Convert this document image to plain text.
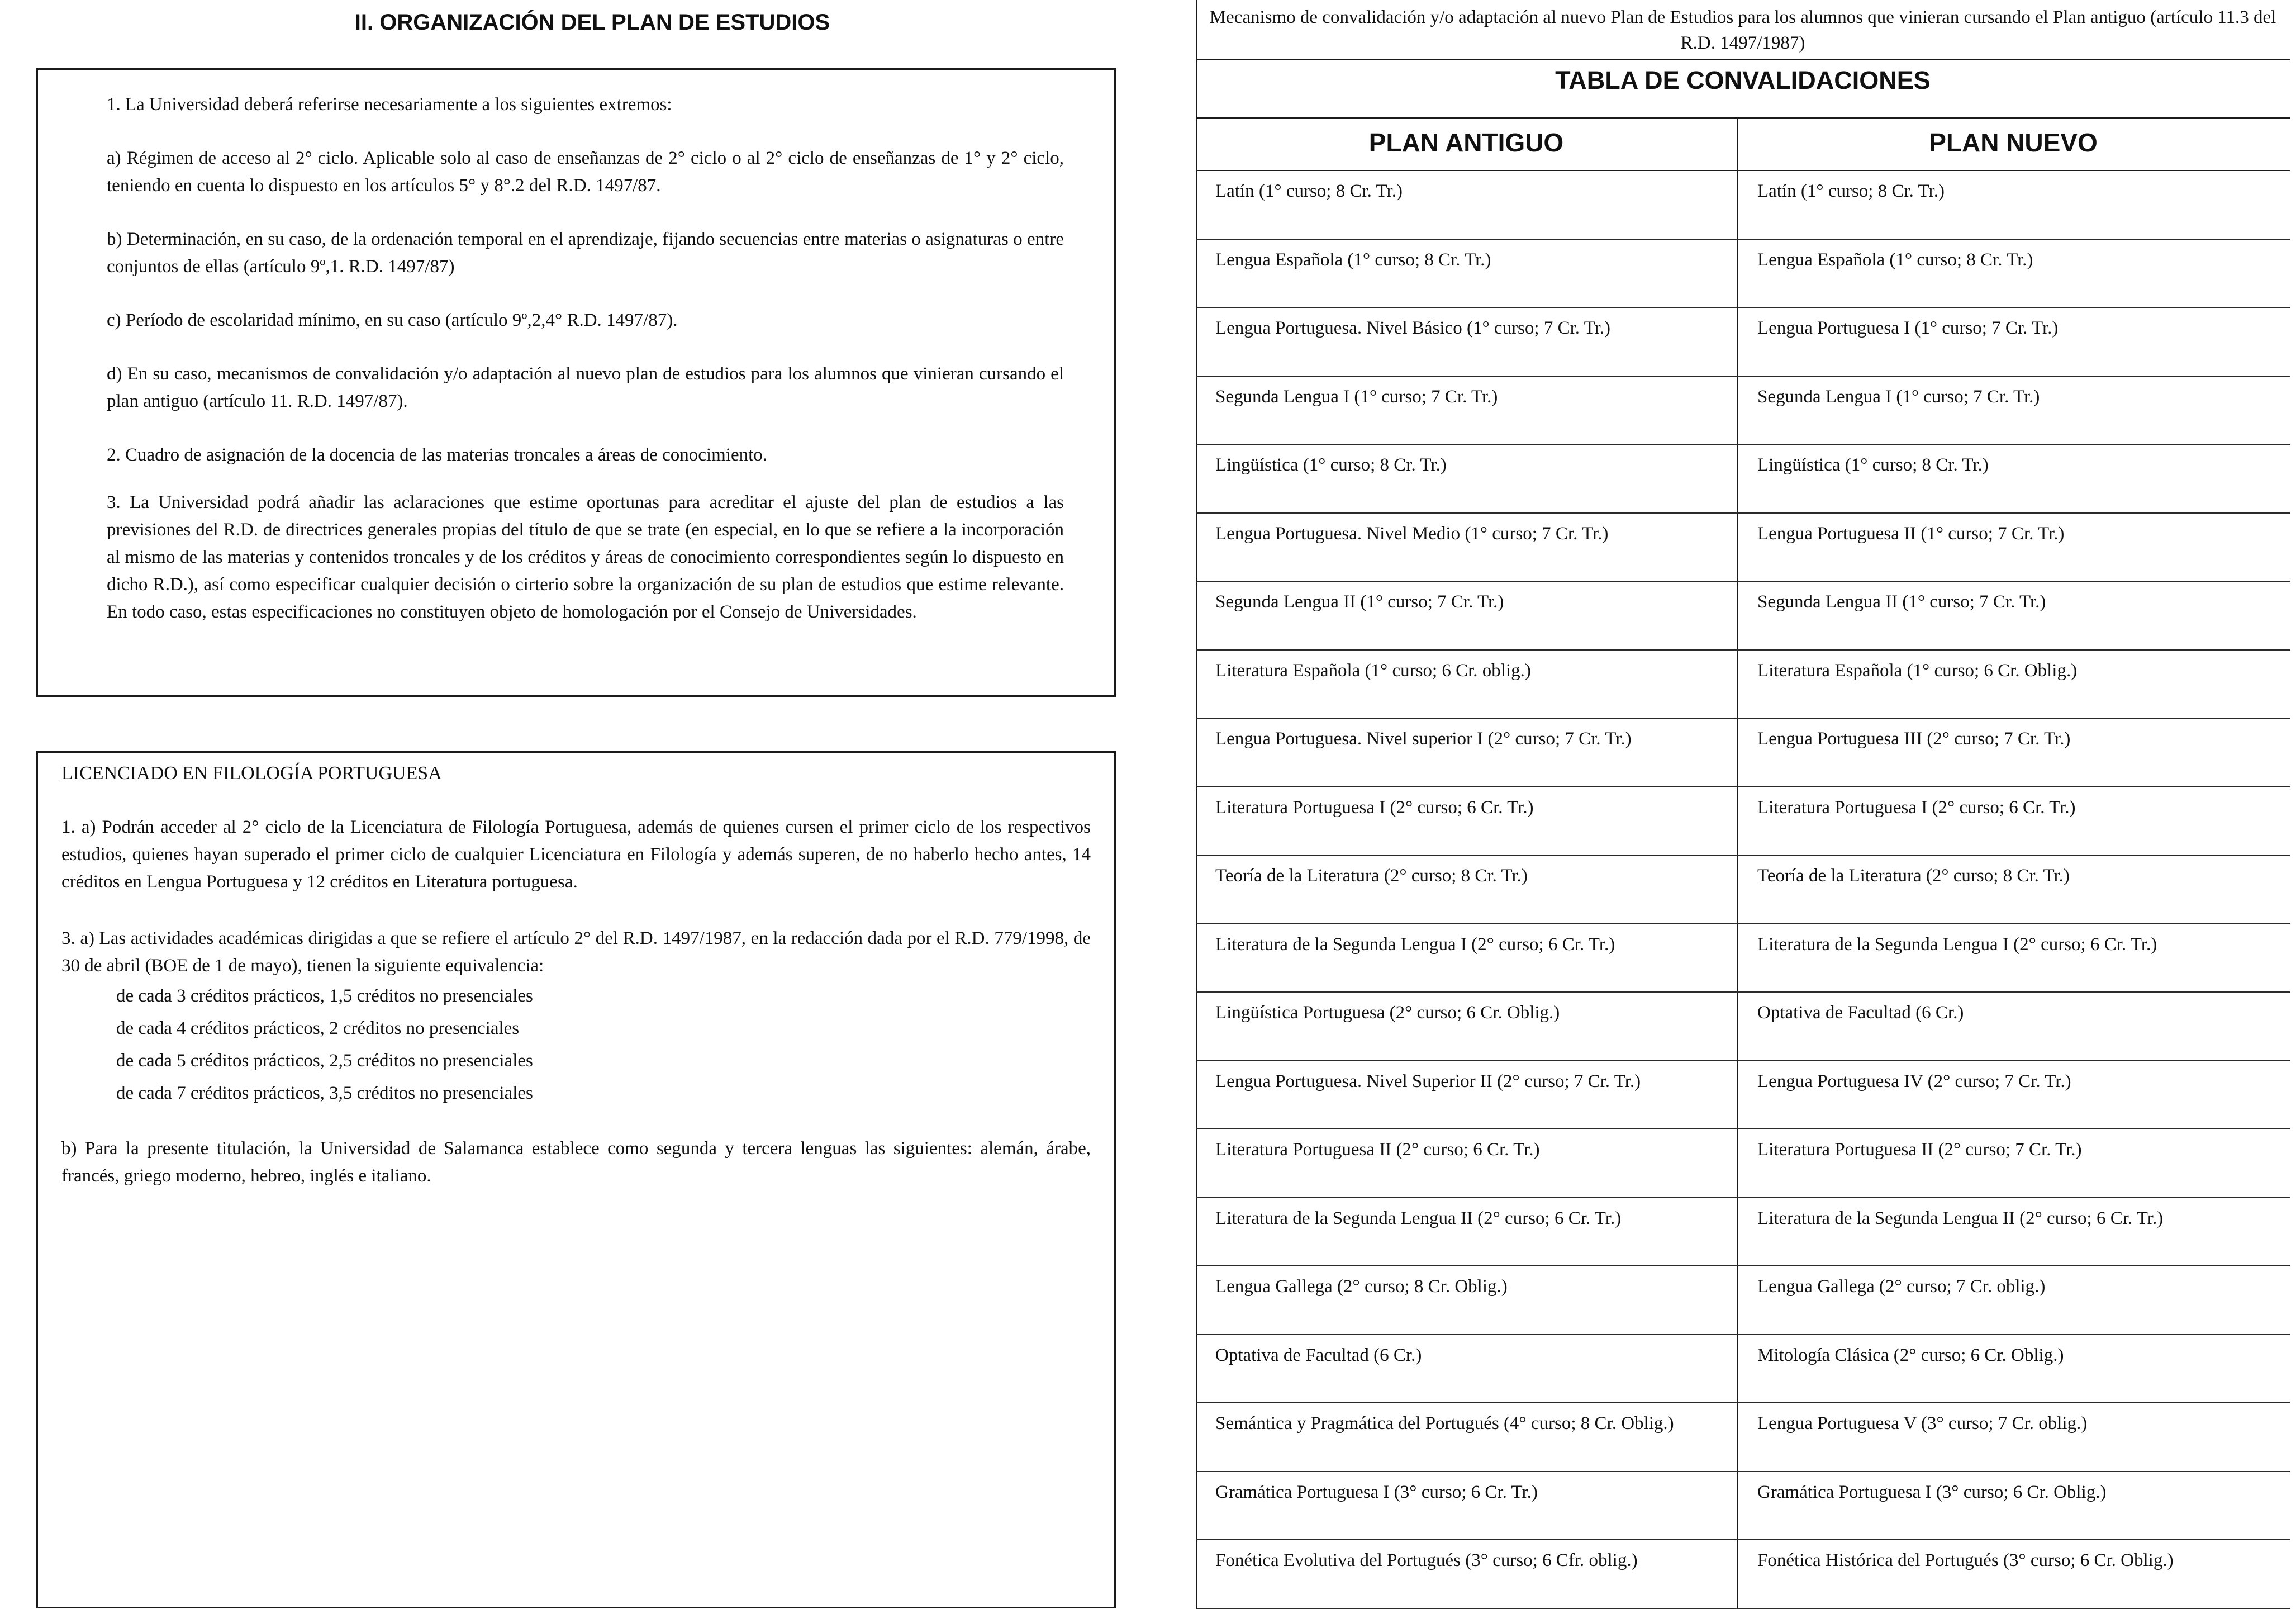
II. ORGANIZACIÓN DEL PLAN DE ESTUDIOS

1. La Universidad deberá referirse necesariamente a los siguientes extremos:

a) Régimen de acceso al 2° ciclo. Aplicable solo al caso de enseñanzas de 2° ciclo o al 2° ciclo de enseñanzas de 1° y 2° ciclo, teniendo en cuenta lo dispuesto en los artículos 5° y 8°.2 del R.D. 1497/87.

b) Determinación, en su caso, de la ordenación temporal en el aprendizaje, fijando secuencias entre materias o asignaturas o entre conjuntos de ellas (artículo 9º,1. R.D. 1497/87)

c) Período de escolaridad mínimo, en su caso (artículo 9º,2,4° R.D. 1497/87).

d) En su caso, mecanismos de convalidación y/o adaptación al nuevo plan de estudios para los alumnos que vinieran cursando el plan antiguo (artículo 11. R.D. 1497/87).

2. Cuadro de asignación de la docencia de las materias troncales a áreas de conocimiento.

3. La Universidad podrá añadir las aclaraciones que estime oportunas para acreditar el ajuste del plan de estudios a las previsiones del R.D. de directrices generales propias del título de que se trate (en especial, en lo que se refiere a la incorporación al mismo de las materias y contenidos troncales y de los créditos y áreas de conocimiento correspondientes según lo dispuesto en dicho R.D.), así como especificar cualquier decisión o cirterio sobre la organización de su plan de estudios que estime relevante. En todo caso, estas especificaciones no constituyen objeto de homologación por el Consejo de Universidades.

LICENCIADO EN FILOLOGÍA PORTUGUESA

1. a) Podrán acceder al 2° ciclo de la Licenciatura de Filología Portuguesa, además de quienes cursen el primer ciclo de los respectivos estudios, quienes hayan superado el primer ciclo de cualquier Licenciatura en Filología y además superen, de no haberlo hecho antes, 14 créditos en Lengua Portuguesa y 12 créditos en Literatura portuguesa.

3. a) Las actividades académicas dirigidas a que se refiere el artículo 2° del R.D. 1497/1987, en la redacción dada por el R.D. 779/1998, de 30 de abril (BOE de 1 de mayo), tienen la siguiente equivalencia:

de cada 3 créditos prácticos, 1,5 créditos no presenciales
de cada 4 créditos prácticos, 2 créditos no presenciales
de cada 5 créditos prácticos, 2,5 créditos no presenciales
de cada 7 créditos prácticos, 3,5 créditos no presenciales

b) Para la presente titulación, la Universidad de Salamanca establece como segunda y tercera lenguas las siguientes: alemán, árabe, francés, griego moderno, hebreo, inglés e italiano.

Mecanismo de convalidación y/o adaptación al nuevo Plan de Estudios para los alumnos que vinieran cursando el Plan antiguo (artículo 11.3 del R.D. 1497/1987)
TABLA DE CONVALIDACIONES
PLAN ANTIGUO	PLAN NUEVO
Latín (1° curso; 8 Cr. Tr.)	Latín (1° curso; 8 Cr. Tr.)
Lengua Española (1° curso; 8 Cr. Tr.)	Lengua Española (1° curso; 8 Cr. Tr.)
Lengua Portuguesa. Nivel Básico (1° curso; 7 Cr. Tr.)	Lengua Portuguesa I (1° curso; 7 Cr. Tr.)
Segunda Lengua I (1° curso; 7 Cr. Tr.)	Segunda Lengua I (1° curso; 7 Cr. Tr.)
Lingüística (1° curso; 8 Cr. Tr.)	Lingüística (1° curso; 8 Cr. Tr.)
Lengua Portuguesa. Nivel Medio (1° curso; 7 Cr. Tr.)	Lengua Portuguesa II (1° curso; 7 Cr. Tr.)
Segunda Lengua II (1° curso; 7 Cr. Tr.)	Segunda Lengua II (1° curso; 7 Cr. Tr.)
Literatura Española (1° curso; 6 Cr. oblig.)	Literatura Española (1° curso; 6 Cr. Oblig.)
Lengua Portuguesa. Nivel superior I (2° curso; 7 Cr. Tr.)	Lengua Portuguesa III (2° curso; 7 Cr. Tr.)
Literatura Portuguesa I (2° curso; 6 Cr. Tr.)	Literatura Portuguesa I (2° curso; 6 Cr. Tr.)
Teoría de la Literatura (2° curso; 8 Cr. Tr.)	Teoría de la Literatura (2° curso; 8 Cr. Tr.)
Literatura de la Segunda Lengua I (2° curso; 6 Cr. Tr.)	Literatura de la Segunda Lengua I (2° curso; 6 Cr. Tr.)
Lingüística Portuguesa (2° curso; 6 Cr. Oblig.)	Optativa de Facultad (6 Cr.)
Lengua Portuguesa. Nivel Superior II (2° curso; 7 Cr. Tr.)	Lengua Portuguesa IV (2° curso; 7 Cr. Tr.)
Literatura Portuguesa II (2° curso; 6 Cr. Tr.)	Literatura Portuguesa II (2° curso; 7 Cr. Tr.)
Literatura de la Segunda Lengua II (2° curso; 6 Cr. Tr.)	Literatura de la Segunda Lengua II (2° curso; 6 Cr. Tr.)
Lengua Gallega (2° curso; 8 Cr. Oblig.)	Lengua Gallega (2° curso; 7 Cr. oblig.)
Optativa de Facultad (6 Cr.)	Mitología Clásica (2° curso; 6 Cr. Oblig.)
Semántica y Pragmática del Portugués (4° curso; 8 Cr. Oblig.)	Lengua Portuguesa V (3° curso; 7 Cr. oblig.)
Gramática Portuguesa I (3° curso; 6 Cr. Tr.)	Gramática Portuguesa I (3° curso; 6 Cr. Oblig.)
Fonética Evolutiva del Portugués (3° curso; 6 Cfr. oblig.)	Fonética Histórica del Portugués (3° curso; 6 Cr. Oblig.)
